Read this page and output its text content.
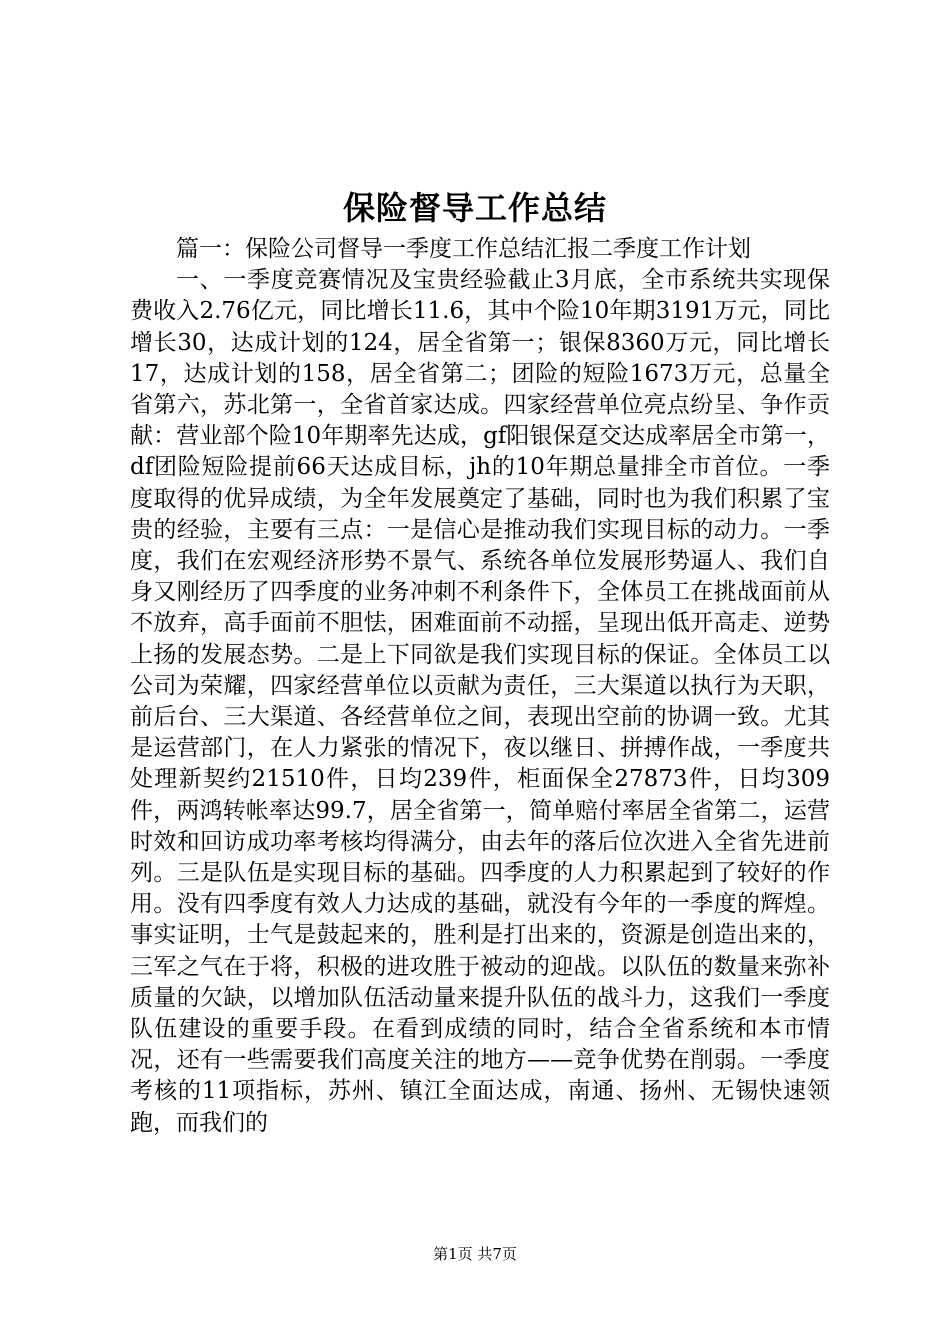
保险督导工作总结

篇一：保险公司督导一季度工作总结汇报二季度工作计划

一、一季度竞赛情况及宝贵经验截止3月底，全市系统共实现保费收入2.76亿元，同比增长11.6，其中个险10年期3191万元，同比增长30，达成计划的124，居全省第一；银保8360万元，同比增长17，达成计划的158，居全省第二；团险的短险1673万元，总量全省第六，苏北第一，全省首家达成。四家经营单位亮点纷呈、争作贡献：营业部个险10年期率先达成，gf阳银保趸交达成率居全市第一，df团险短险提前66天达成目标，jh的10年期总量排全市首位。一季度取得的优异成绩，为全年发展奠定了基础，同时也为我们积累了宝贵的经验，主要有三点：一是信心是推动我们实现目标的动力。一季度，我们在宏观经济形势不景气、系统各单位发展形势逼人、我们自身又刚经历了四季度的业务冲刺不利条件下，全体员工在挑战面前从不放弃，高手面前不胆怯，困难面前不动摇，呈现出低开高走、逆势上扬的发展态势。二是上下同欲是我们实现目标的保证。全体员工以公司为荣耀，四家经营单位以贡献为责任，三大渠道以执行为天职，前后台、三大渠道、各经营单位之间，表现出空前的协调一致。尤其是运营部门，在人力紧张的情况下，夜以继日、拼搏作战，一季度共处理新契约21510件，日均239件，柜面保全27873件，日均309件，两鸿转帐率达99.7，居全省第一，简单赔付率居全省第二，运营时效和回访成功率考核均得满分，由去年的落后位次进入全省先进前列。三是队伍是实现目标的基础。四季度的人力积累起到了较好的作用。没有四季度有效人力达成的基础，就没有今年的一季度的辉煌。事实证明，士气是鼓起来的，胜利是打出来的，资源是创造出来的，三军之气在于将，积极的进攻胜于被动的迎战。以队伍的数量来弥补质量的欠缺，以增加队伍活动量来提升队伍的战斗力，这我们一季度队伍建设的重要手段。在看到成绩的同时，结合全省系统和本市情况，还有一些需要我们高度关注的地方——竞争优势在削弱。一季度考核的11项指标，苏州、镇江全面达成，南通、扬州、无锡快速领跑，而我们的

第1页 共7页
